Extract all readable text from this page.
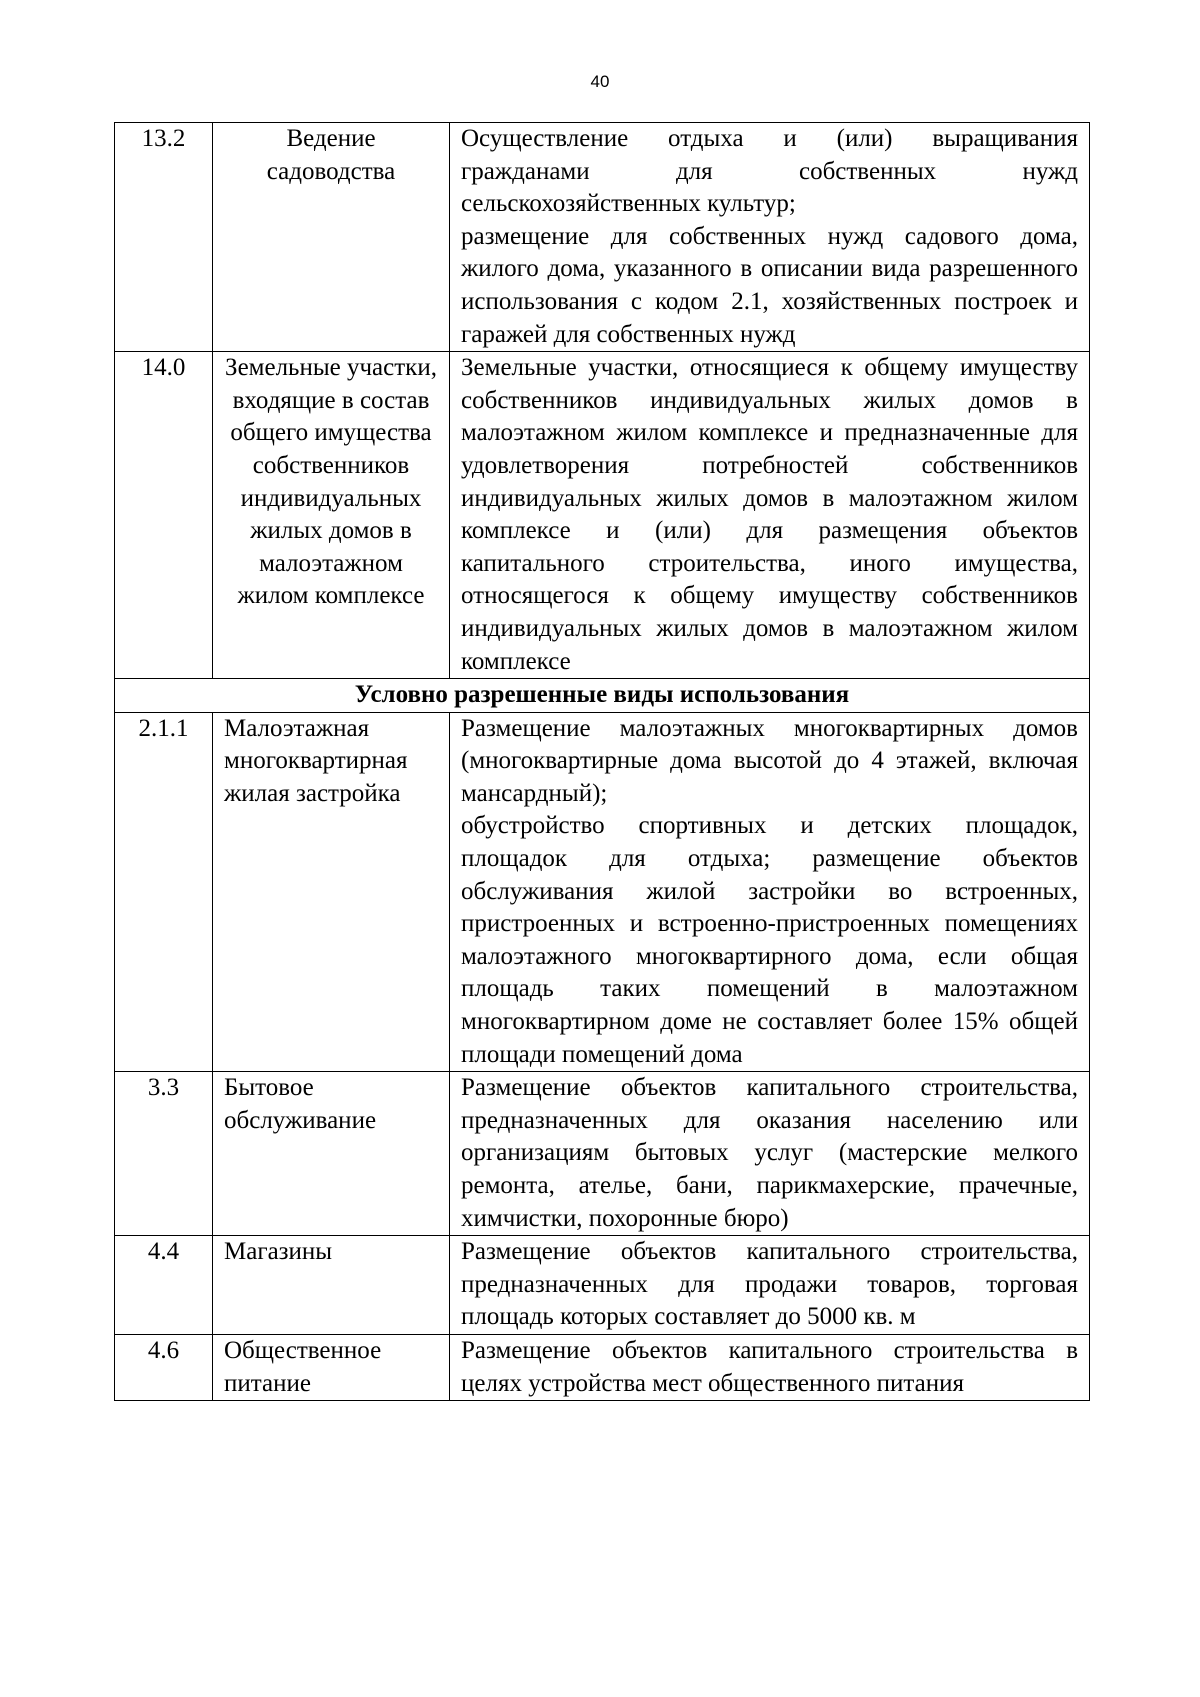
40
13.2	Ведение садоводства	Осуществление отдыха и (или) выращивания гражданами для собственных нужд сельскохозяйственных культур;

размещение для собственных нужд садового дома, жилого дома, указанного в описании вида разрешенного использования с кодом 2.1, хозяйственных построек и гаражей для собственных нужд

14.0	Земельные участки, входящие в состав общего имущества собственников индивидуальных жилых домов в малоэтажном жилом комплексе	Земельные участки, относящиеся к общему имуществу собственников индивидуальных жилых домов в малоэтажном жилом комплексе и предназначенные для удовлетворения потребностей собственников индивидуальных жилых домов в малоэтажном жилом комплексе и (или) для размещения объектов капитального строительства, иного имущества, относящегося к общему имуществу собственников индивидуальных жилых домов в малоэтажном жилом комплексе

Условно разрешенные виды использования		
2.1.1	Малоэтажная многоквартирная жилая застройка	Размещение малоэтажных многоквартирных домов (многоквартирные дома высотой до 4 этажей, включая мансардный);

обустройство спортивных и детских площадок, площадок для отдыха; размещение объектов обслуживания жилой застройки во встроенных, пристроенных и встроенно-пристроенных помещениях малоэтажного многоквартирного дома, если общая площадь таких помещений в малоэтажном многоквартирном доме не составляет более 15% общей площади помещений дома

3.3	Бытовое обслуживание	Размещение объектов капитального строительства, предназначенных для оказания населению или организациям бытовых услуг (мастерские мелкого ремонта, ателье, бани, парикмахерские, прачечные, химчистки, похоронные бюро)

4.4	Магазины	Размещение объектов капитального строительства, предназначенных для продажи товаров, торговая площадь которых составляет до 5000 кв. м

4.6	Общественное питание	Размещение объектов капитального строительства в целях устройства мест общественного питания
